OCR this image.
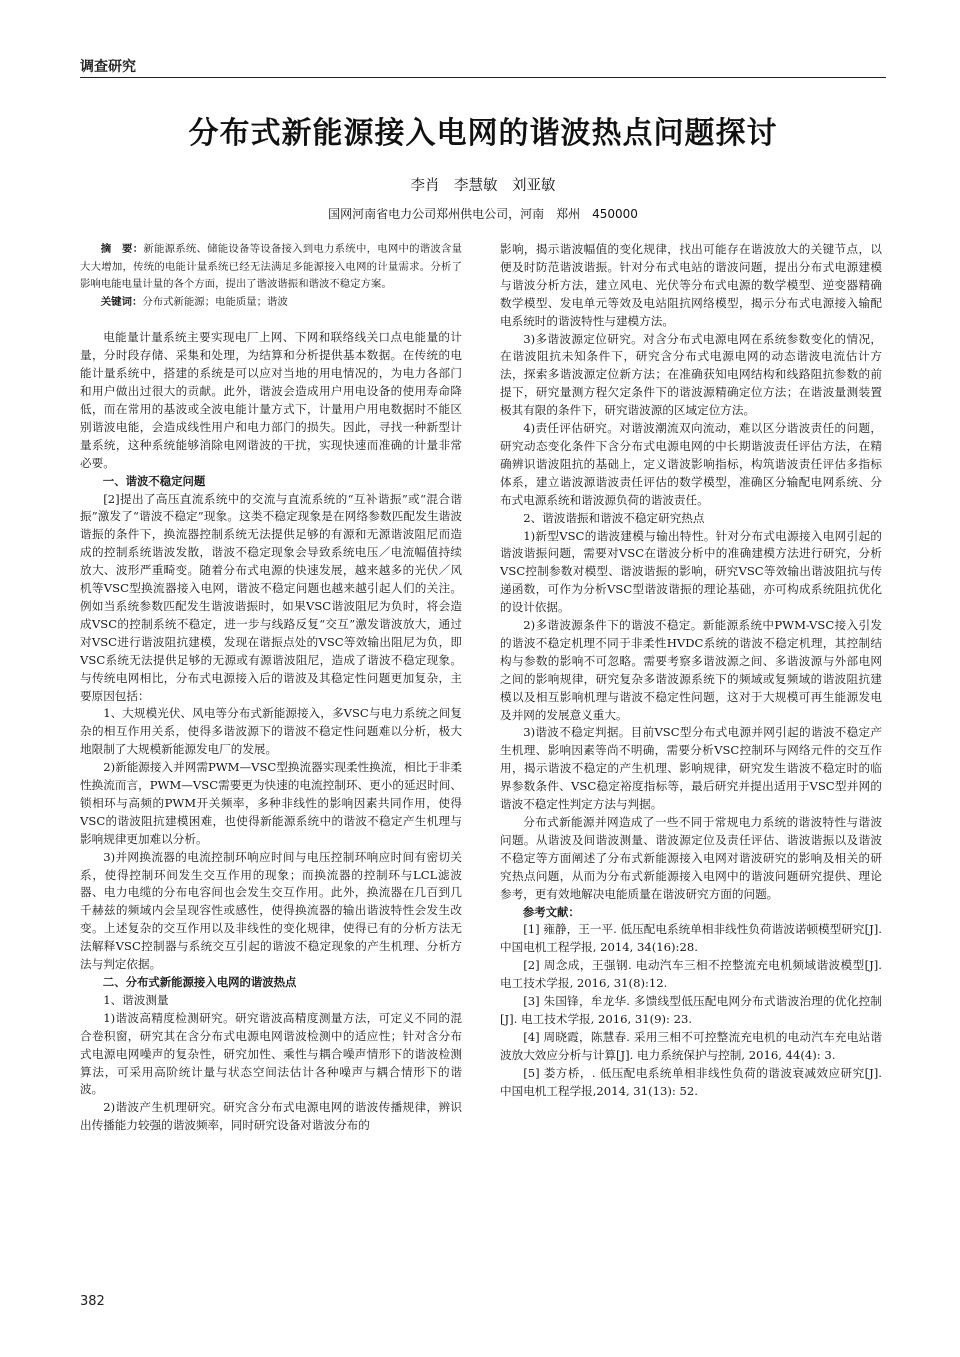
调查研究
分布式新能源接入电网的谐波热点问题探讨
李肖　李慧敏　刘亚敏
国网河南省电力公司郑州供电公司，河南　郑州　450000

摘　要：新能源系统、储能设备等设备接入到电力系统中，电网中的谐波含量大大增加，传统的电能计量系统已经无法满足多能源接入电网的计量需求。分析了影响电能电量计量的各个方面，提出了谐波谐振和谐波不稳定方案。

关键词：分布式新能源；电能质量；谐波

电能量计量系统主要实现电厂上网、下网和联络线关口点电能量的计量，分时段存储、采集和处理，为结算和分析提供基本数据。在传统的电能计量系统中，搭建的系统是可以应对当地的用电情况的，为电力各部门和用户做出过很大的贡献。此外，谐波会造成用户用电设备的使用寿命降低，而在常用的基波或全波电能计量方式下，计量用户用电数据时不能区别谐波电能，会造成线性用户和电力部门的损失。因此，寻找一种新型计量系统，这种系统能够消除电网谐波的干扰，实现快速而准确的计量非常必要。

一、谐波不稳定问题

[2]提出了高压直流系统中的交流与直流系统的“互补谐振”或“混合谐振”激发了“谐波不稳定”现象。这类不稳定现象是在网络参数匹配发生谐波谐振的条件下，换流器控制系统无法提供足够的有源和无源谐波阻尼而造成的控制系统谐波发散，谐波不稳定现象会导致系统电压／电流幅值持续放大、波形严重畸变。随着分布式电源的快速发展，越来越多的光伏／风机等VSC型换流器接入电网，谐波不稳定问题也越来越引起人们的关注。例如当系统参数匹配发生谐波谐振时，如果VSC谐波阻尼为负时，将会造成VSC的控制系统不稳定，进一步与线路反复“交互”激发谐波放大，通过对VSC进行谐波阻抗建模，发现在谐振点处的VSC等效输出阻尼为负，即VSC系统无法提供足够的无源或有源谐波阻尼，造成了谐波不稳定现象。与传统电网相比，分布式电源接入后的谐波及其稳定性问题更加复杂，主要原因包括：

1、大规模光伏、风电等分布式新能源接入，多VSC与电力系统之间复杂的相互作用关系，使得多谐波源下的谐波不稳定性问题难以分析，极大地限制了大规模新能源发电厂的发展。

2)新能源接入并网需PWM—VSC型换流器实现柔性换流，相比于非柔性换流而言，PWM—VSC需要更为快速的电流控制环、更小的延迟时间、锁相环与高频的PWM开关频率，多种非线性的影响因素共同作用，使得VSC的谐波阻抗建模困难，也使得新能源系统中的谐波不稳定产生机理与影响规律更加难以分析。

3)并网换流器的电流控制环响应时间与电压控制环响应时间有密切关系，使得控制环间发生交互作用的现象；而换流器的控制环与LCL滤波器、电力电缆的分布电容间也会发生交互作用。此外，换流器在几百到几千赫兹的频域内会呈现容性或感性，使得换流器的输出谐波特性会发生改变。上述复杂的交互作用以及非线性的变化规律，使得已有的分析方法无法解释VSC控制器与系统交互引起的谐波不稳定现象的产生机理、分析方法与判定依据。

二、分布式新能源接入电网的谐波热点

1、谐波测量

1)谐波高精度检测研究。研究谐波高精度测量方法，可定义不同的混合卷积窗，研究其在含分布式电源电网谐波检测中的适应性；针对含分布式电源电网噪声的复杂性，研究加性、乘性与耦合噪声情形下的谐波检测算法，可采用高阶统计量与状态空间法估计各种噪声与耦合情形下的谐波。

2)谐波产生机理研究。研究含分布式电源电网的谐波传播规律，辨识出传播能力较强的谐波频率，同时研究设备对谐波分布的

影响，揭示谐波幅值的变化规律，找出可能存在谐波放大的关键节点，以便及时防范谐波谐振。针对分布式电站的谐波问题，提出分布式电源建模与谐波分析方法，建立风电、光伏等分布式电源的数学模型、逆变器精确数学模型、发电单元等效及电站阻抗网络模型，揭示分布式电源接入输配电系统时的谐波特性与建模方法。

3)多谐波源定位研究。对含分布式电源电网在系统参数变化的情况，在谐波阻抗未知条件下，研究含分布式电源电网的动态谐波电流估计方法，探索多谐波源定位新方法；在准确获知电网结构和线路阻抗参数的前提下，研究量测方程欠定条件下的谐波源精确定位方法；在谐波量测装置极其有限的条件下，研究谐波源的区域定位方法。

4)责任评估研究。对谐波潮流双向流动，难以区分谐波责任的问题，研究动态变化条件下含分布式电源电网的中长期谐波责任评估方法，在精确辨识谐波阻抗的基础上，定义谐波影响指标，构筑谐波责任评估多指标体系，建立谐波源谐波责任评估的数学模型，准确区分输配电网系统、分布式电源系统和谐波源负荷的谐波责任。

2、谐波谐振和谐波不稳定研究热点

1)新型VSC的谐波建模与输出特性。针对分布式电源接入电网引起的谐波谐振问题，需要对VSC在谐波分析中的准确建模方法进行研究，分析VSC控制参数对模型、谐波谐振的影响，研究VSC等效输出谐波阻抗与传递函数，可作为分析VSC型谐波谐振的理论基础，亦可构成系统阻抗优化的设计依据。

2)多谐波源条件下的谐波不稳定。新能源系统中PWM-VSC接入引发的谐波不稳定机理不同于非柔性HVDC系统的谐波不稳定机理，其控制结构与参数的影响不可忽略。需要考察多谐波源之间、多谐波源与外部电网之间的影响规律，研究复杂多谐波源系统下的频域或复频域的谐波阻抗建模以及相互影响机理与谐波不稳定性问题，这对于大规模可再生能源发电及并网的发展意义重大。

3)谐波不稳定判据。目前VSC型分布式电源并网引起的谐波不稳定产生机理、影响因素等尚不明确，需要分析VSC控制环与网络元件的交互作用，揭示谐波不稳定的产生机理、影响规律，研究发生谐波不稳定时的临界参数条件、VSC稳定裕度指标等，最后研究并提出适用于VSC型并网的谐波不稳定性判定方法与判据。

分布式新能源并网造成了一些不同于常规电力系统的谐波特性与谐波问题。从谐波及间谐波测量、谐波源定位及责任评估、谐波谐振以及谐波不稳定等方面阐述了分布式新能源接入电网对谐波研究的影响及相关的研究热点问题，从而为分布式新能源接入电网中的谐波问题研究提供、理论参考，更有效地解决电能质量在谐波研究方面的问题。

参考文献：

[1] 雍静，王一平. 低压配电系统单相非线性负荷谐波诺顿模型研究[J]. 中国电机工程学报, 2014, 34(16):28.

[2] 周念成，王强钢. 电动汽车三相不控整流充电机频域谐波模型[J]. 电工技术学报, 2016, 31(8):12.

[3] 朱国锋，牟龙华. 多馈线型低压配电网分布式谐波治理的优化控制[J]. 电工技术学报, 2016, 31(9): 23.

[4] 周晓霞，陈慧春. 采用三相不可控整流充电机的电动汽车充电站谐波放大效应分析与计算[J]. 电力系统保护与控制, 2016, 44(4): 3.

[5] 娄方桥，. 低压配电系统单相非线性负荷的谐波衰减效应研究[J]. 中国电机工程学报,2014, 31(13): 52.

382
